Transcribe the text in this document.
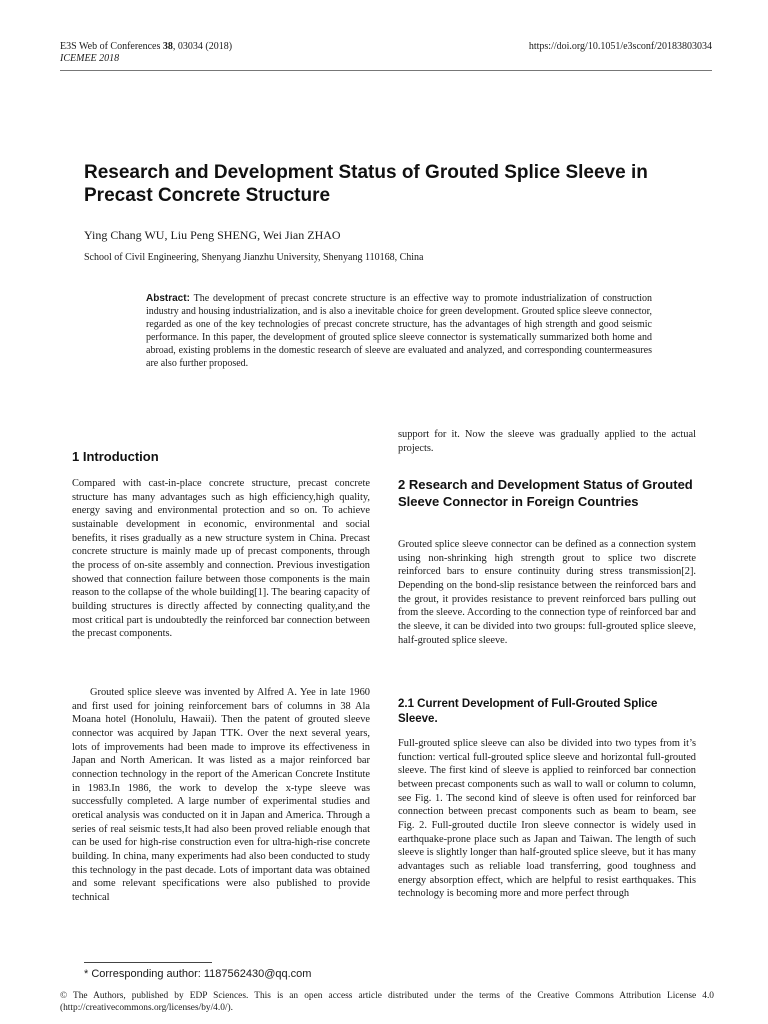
E3S Web of Conferences 38, 03034 (2018)
ICEMEE 2018
https://doi.org/10.1051/e3sconf/20183803034
Research and Development Status of Grouted Splice Sleeve in Precast Concrete Structure
Ying Chang WU, Liu Peng SHENG, Wei Jian ZHAO
School of Civil Engineering, Shenyang Jianzhu University, Shenyang 110168, China

Abstract: The development of precast concrete structure is an effective way to promote industrialization of construction industry and housing industrialization, and is also a inevitable choice for green development. Grouted splice sleeve connector, regarded as one of the key technologies of precast concrete structure, has the advantages of high strength and good seismic performance. In this paper, the development of grouted splice sleeve connector is systematically summarized both home and abroad, existing problems in the domestic research of sleeve are evaluated and analyzed, and corresponding countermeasures are also further proposed.

1 Introduction

Compared with cast-in-place concrete structure, precast concrete structure has many advantages such as high efficiency,high quality, energy saving and environmental protection and so on. To achieve sustainable development in economic, environmental and social benefits, it rises gradually as a new structure system in China. Precast concrete structure is mainly made up of precast components, through the process of on-site assembly and connection. Previous investigation showed that connection failure between those components is the main reason to the collapse of the whole building[1]. The bearing capacity of building structures is directly affected by connecting quality,and the most critical part is undoubtedly the reinforced bar connection between the precast components.

Grouted splice sleeve was invented by Alfred A. Yee in late 1960 and first used for joining reinforcement bars of columns in 38 Ala Moana hotel (Honolulu, Hawaii). Then the patent of grouted sleeve connector was acquired by Japan TTK. Over the next several years, lots of improvements had been made to improve its effectiveness in Japan and North American. It was listed as a major reinforced bar connection technology in the report of the American Concrete Institute in 1983.In 1986, the work to develop the x-type sleeve was successfully completed. A large number of experimental studies and oretical analysis was conducted on it in Japan and America. Through a series of real seismic tests,It had also been proved reliable enough that can be used for high-rise construction even for ultra-high-rise concrete building. In china, many experiments had also been conducted to study this technology in the past decade. Lots of important data was obtained and some relevant specifications were also published to provide technical

support for it. Now the sleeve was gradually applied to the actual projects.

2 Research and Development Status of Grouted Sleeve Connector in Foreign Countries

Grouted splice sleeve connector can be defined as a connection system using non-shrinking high strength grout to splice two discrete reinforced bars to ensure continuity during stress transmission[2]. Depending on the bond-slip resistance between the reinforced bars and the grout, it provides resistance to prevent reinforced bars pulling out from the sleeve. According to the connection type of reinforced bar and the sleeve, it can be divided into two groups: full-grouted splice sleeve, half-grouted splice sleeve.

2.1 Current Development of Full-Grouted Splice Sleeve.

Full-grouted splice sleeve can also be divided into two types from it’s function: vertical full-grouted splice sleeve and horizontal full-grouted sleeve. The first kind of sleeve is applied to reinforced bar connection between precast components such as wall to wall or column to column, see Fig. 1. The second kind of sleeve is often used for reinforced bar connection between precast components such as beam to beam, see Fig. 2. Full-grouted ductile Iron sleeve connector is widely used in earthquake-prone place such as Japan and Taiwan. The length of such sleeve is slightly longer than half-grouted splice sleeve, but it has many advantages such as reliable load transferring, good toughness and energy absorption effect, which are helpful to resist earthquakes. This technology is becoming more and more perfect through

* Corresponding author: 1187562430@qq.com

© The Authors, published by EDP Sciences. This is an open access article distributed under the terms of the Creative Commons Attribution License 4.0 (http://creativecommons.org/licenses/by/4.0/).
